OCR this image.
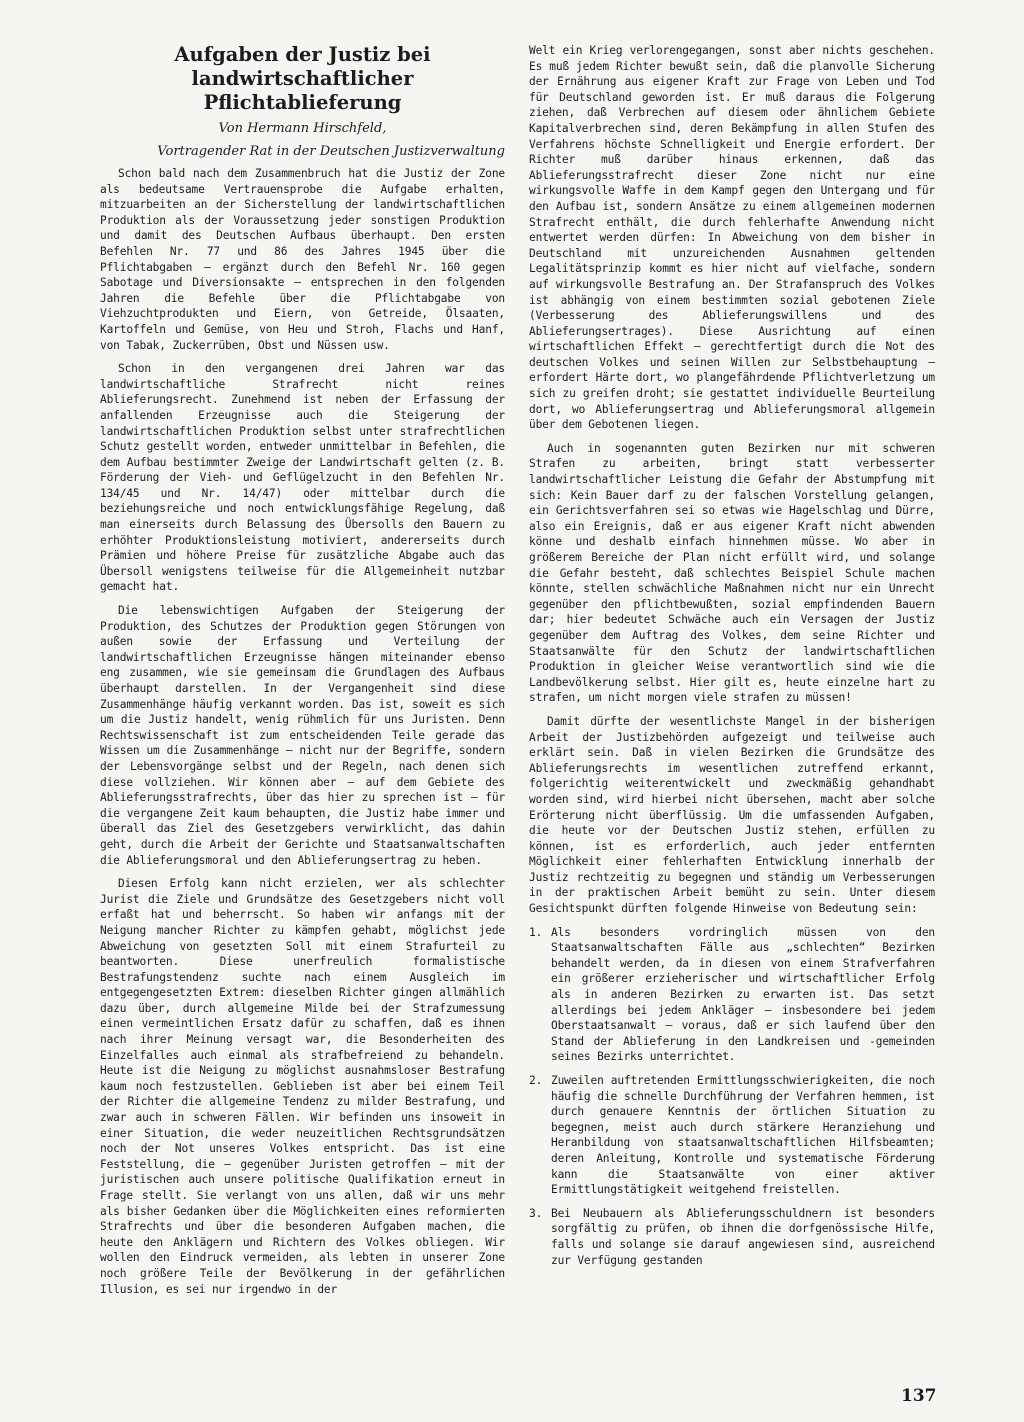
Aufgaben der Justiz bei landwirtschaftlicher Pflichtablieferung
Von Hermann Hirschfeld,
Vortragender Rat in der Deutschen Justizverwaltung

Schon bald nach dem Zusammenbruch hat die Justiz der Zone als bedeutsame Vertrauensprobe die Aufgabe erhalten, mitzuarbeiten an der Sicherstellung der landwirtschaftlichen Produktion als der Voraussetzung jeder sonstigen Produktion und damit des Deutschen Aufbaus überhaupt. Den ersten Befehlen Nr. 77 und 86 des Jahres 1945 über die Pflichtabgaben — ergänzt durch den Befehl Nr. 160 gegen Sabotage und Diversionsakte — entsprechen in den folgenden Jahren die Befehle über die Pflichtabgabe von Viehzuchtprodukten und Eiern, von Getreide, Ölsaaten, Kartoffeln und Gemüse, von Heu und Stroh, Flachs und Hanf, von Tabak, Zuckerrüben, Obst und Nüssen usw.

Schon in den vergangenen drei Jahren war das landwirtschaftliche Strafrecht nicht reines Ablieferungsrecht. Zunehmend ist neben der Erfassung der anfallenden Erzeugnisse auch die Steigerung der landwirtschaftlichen Produktion selbst unter strafrechtlichen Schutz gestellt worden, entweder unmittelbar in Befehlen, die dem Aufbau bestimmter Zweige der Landwirtschaft gelten (z. B. Förderung der Vieh- und Geflügelzucht in den Befehlen Nr. 134/45 und Nr. 14/47) oder mittelbar durch die beziehungsreiche und noch entwicklungsfähige Regelung, daß man einerseits durch Belassung des Übersolls den Bauern zu erhöhter Produktionsleistung motiviert, andererseits durch Prämien und höhere Preise für zusätzliche Abgabe auch das Übersoll wenigstens teilweise für die Allgemeinheit nutzbar gemacht hat.

Die lebenswichtigen Aufgaben der Steigerung der Produktion, des Schutzes der Produktion gegen Störungen von außen sowie der Erfassung und Verteilung der landwirtschaftlichen Erzeugnisse hängen miteinander ebenso eng zusammen, wie sie gemeinsam die Grundlagen des Aufbaus überhaupt darstellen. In der Vergangenheit sind diese Zusammenhänge häufig verkannt worden. Das ist, soweit es sich um die Justiz handelt, wenig rühmlich für uns Juristen. Denn Rechtswissenschaft ist zum entscheidenden Teile gerade das Wissen um die Zusammenhänge — nicht nur der Begriffe, sondern der Lebensvorgänge selbst und der Regeln, nach denen sich diese vollziehen. Wir können aber — auf dem Gebiete des Ablieferungsstrafrechts, über das hier zu sprechen ist — für die vergangene Zeit kaum behaupten, die Justiz habe immer und überall das Ziel des Gesetzgebers verwirklicht, das dahin geht, durch die Arbeit der Gerichte und Staatsanwaltschaften die Ablieferungsmoral und den Ablieferungsertrag zu heben.

Diesen Erfolg kann nicht erzielen, wer als schlechter Jurist die Ziele und Grundsätze des Gesetzgebers nicht voll erfaßt hat und beherrscht. So haben wir anfangs mit der Neigung mancher Richter zu kämpfen gehabt, möglichst jede Abweichung von gesetzten Soll mit einem Strafurteil zu beantworten. Diese unerfreulich formalistische Bestrafungstendenz suchte nach einem Ausgleich im entgegengesetzten Extrem: dieselben Richter gingen allmählich dazu über, durch allgemeine Milde bei der Strafzumessung einen vermeintlichen Ersatz dafür zu schaffen, daß es ihnen nach ihrer Meinung versagt war, die Besonderheiten des Einzelfalles auch einmal als strafbefreiend zu behandeln. Heute ist die Neigung zu möglichst ausnahmsloser Bestrafung kaum noch festzustellen. Geblieben ist aber bei einem Teil der Richter die allgemeine Tendenz zu milder Bestrafung, und zwar auch in schweren Fällen. Wir befinden uns insoweit in einer Situation, die weder neuzeitlichen Rechtsgrundsätzen noch der Not unseres Volkes entspricht. Das ist eine Feststellung, die — gegenüber Juristen getroffen — mit der juristischen auch unsere politische Qualifikation erneut in Frage stellt. Sie verlangt von uns allen, daß wir uns mehr als bisher Gedanken über die Möglichkeiten eines reformierten Strafrechts und über die besonderen Aufgaben machen, die heute den Anklägern und Richtern des Volkes obliegen. Wir wollen den Eindruck vermeiden, als lebten in unserer Zone noch größere Teile der Bevölkerung in der gefährlichen Illusion, es sei nur irgendwo in der

Welt ein Krieg verlorengegangen, sonst aber nichts geschehen. Es muß jedem Richter bewußt sein, daß die planvolle Sicherung der Ernährung aus eigener Kraft zur Frage von Leben und Tod für Deutschland geworden ist. Er muß daraus die Folgerung ziehen, daß Verbrechen auf diesem oder ähnlichem Gebiete Kapitalverbrechen sind, deren Bekämpfung in allen Stufen des Verfahrens höchste Schnelligkeit und Energie erfordert. Der Richter muß darüber hinaus erkennen, daß das Ablieferungsstrafrecht dieser Zone nicht nur eine wirkungsvolle Waffe in dem Kampf gegen den Untergang und für den Aufbau ist, sondern Ansätze zu einem allgemeinen modernen Strafrecht enthält, die durch fehlerhafte Anwendung nicht entwertet werden dürfen: In Abweichung von dem bisher in Deutschland mit unzureichenden Ausnahmen geltenden Legalitätsprinzip kommt es hier nicht auf vielfache, sondern auf wirkungsvolle Bestrafung an. Der Strafanspruch des Volkes ist abhängig von einem bestimmten sozial gebotenen Ziele (Verbesserung des Ablieferungswillens und des Ablieferungsertrages). Diese Ausrichtung auf einen wirtschaftlichen Effekt — gerechtfertigt durch die Not des deutschen Volkes und seinen Willen zur Selbstbehauptung — erfordert Härte dort, wo plangefährdende Pflichtverletzung um sich zu greifen droht; sie gestattet individuelle Beurteilung dort, wo Ablieferungsertrag und Ablieferungsmoral allgemein über dem Gebotenen liegen.

Auch in sogenannten guten Bezirken nur mit schweren Strafen zu arbeiten, bringt statt verbesserter landwirtschaftlicher Leistung die Gefahr der Abstumpfung mit sich: Kein Bauer darf zu der falschen Vorstellung gelangen, ein Gerichtsverfahren sei so etwas wie Hagelschlag und Dürre, also ein Ereignis, daß er aus eigener Kraft nicht abwenden könne und deshalb einfach hinnehmen müsse. Wo aber in größerem Bereiche der Plan nicht erfüllt wird, und solange die Gefahr besteht, daß schlechtes Beispiel Schule machen könnte, stellen schwächliche Maßnahmen nicht nur ein Unrecht gegenüber den pflichtbewußten, sozial empfindenden Bauern dar; hier bedeutet Schwäche auch ein Versagen der Justiz gegenüber dem Auftrag des Volkes, dem seine Richter und Staatsanwälte für den Schutz der landwirtschaftlichen Produktion in gleicher Weise verantwortlich sind wie die Landbevölkerung selbst. Hier gilt es, heute einzelne hart zu strafen, um nicht morgen viele strafen zu müssen!

Damit dürfte der wesentlichste Mangel in der bisherigen Arbeit der Justizbehörden aufgezeigt und teilweise auch erklärt sein. Daß in vielen Bezirken die Grundsätze des Ablieferungsrechts im wesentlichen zutreffend erkannt, folgerichtig weiterentwickelt und zweckmäßig gehandhabt worden sind, wird hierbei nicht übersehen, macht aber solche Erörterung nicht überflüssig. Um die umfassenden Aufgaben, die heute vor der Deutschen Justiz stehen, erfüllen zu können, ist es erforderlich, auch jeder entfernten Möglichkeit einer fehlerhaften Entwicklung innerhalb der Justiz rechtzeitig zu begegnen und ständig um Verbesserungen in der praktischen Arbeit bemüht zu sein. Unter diesem Gesichtspunkt dürften folgende Hinweise von Bedeutung sein:

1. Als besonders vordringlich müssen von den Staatsanwaltschaften Fälle aus „schlechten“ Bezirken behandelt werden, da in diesen von einem Strafverfahren ein größerer erzieherischer und wirtschaftlicher Erfolg als in anderen Bezirken zu erwarten ist. Das setzt allerdings bei jedem Ankläger — insbesondere bei jedem Oberstaatsanwalt — voraus, daß er sich laufend über den Stand der Ablieferung in den Landkreisen und -gemeinden seines Bezirks unterrichtet.
2. Zuweilen auftretenden Ermittlungsschwierigkeiten, die noch häufig die schnelle Durchführung der Verfahren hemmen, ist durch genauere Kenntnis der örtlichen Situation zu begegnen, meist auch durch stärkere Heranziehung und Heranbildung von staatsanwaltschaftlichen Hilfsbeamten; deren Anleitung, Kontrolle und systematische Förderung kann die Staatsanwälte von einer aktiver Ermittlungstätigkeit weitgehend freistellen.
3. Bei Neubauern als Ablieferungsschuldnern ist besonders sorgfältig zu prüfen, ob ihnen die dorfgenössische Hilfe, falls und solange sie darauf angewiesen sind, ausreichend zur Verfügung gestanden
137
